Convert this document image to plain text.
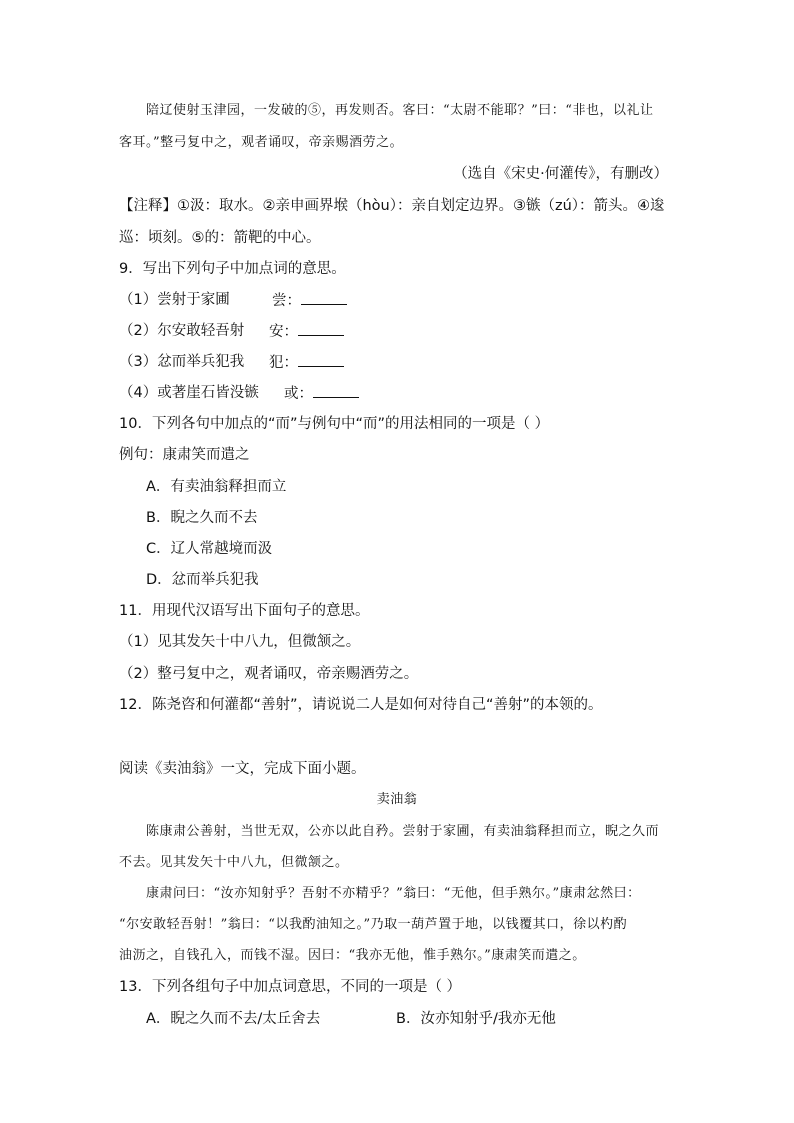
陪辽使射玉津园，一发破的⑤，再发则否。客曰：“太尉不能耶？”曰：“非也，以礼让
客耳。”整弓复中之，观者诵叹，帝亲赐酒劳之。
（选自《宋史·何灌传》，有删改）
【注释】①汲：取水。②亲申画界堠（hòu）：亲自划定边界。③镞（zú）：箭头。④逡
巡：顷刻。⑤的：箭靶的中心。
9．写出下列句子中加点词的意思。
（1）尝射于家圃	尝：
（2）尔安敢轻吾射 安：
（3）忿而举兵犯我 犯：
（4）或著崖石皆没镞 或：
10．下列各句中加点的“而”与例句中“而”的用法相同的一项是（ ）
例句：康肃笑而遣之
A．有卖油翁释担而立
B．睨之久而不去
C．辽人常越境而汲
D．忿而举兵犯我
11．用现代汉语写出下面句子的意思。
（1）见其发矢十中八九，但微颔之。
（2）整弓复中之，观者诵叹，帝亲赐酒劳之。
12．陈尧咨和何灌都“善射”，请说说二人是如何对待自己“善射”的本领的。
阅读《卖油翁》一文，完成下面小题。
卖油翁
陈康肃公善射，当世无双，公亦以此自矜。尝射于家圃，有卖油翁释担而立，睨之久而
不去。见其发矢十中八九，但微颔之。
康肃问曰：“汝亦知射乎？吾射不亦精乎？”翁曰：“无他，但手熟尔。”康肃忿然曰：
“尔安敢轻吾射！”翁曰：“以我酌油知之。”乃取一葫芦置于地，以钱覆其口，徐以杓酌
油沥之，自钱孔入，而钱不湿。因曰：“我亦无他，惟手熟尔。”康肃笑而遣之。
13．下列各组句子中加点词意思，不同的一项是（ ）
A．睨之久而不去/太丘舍去	B．汝亦知射乎/我亦无他
